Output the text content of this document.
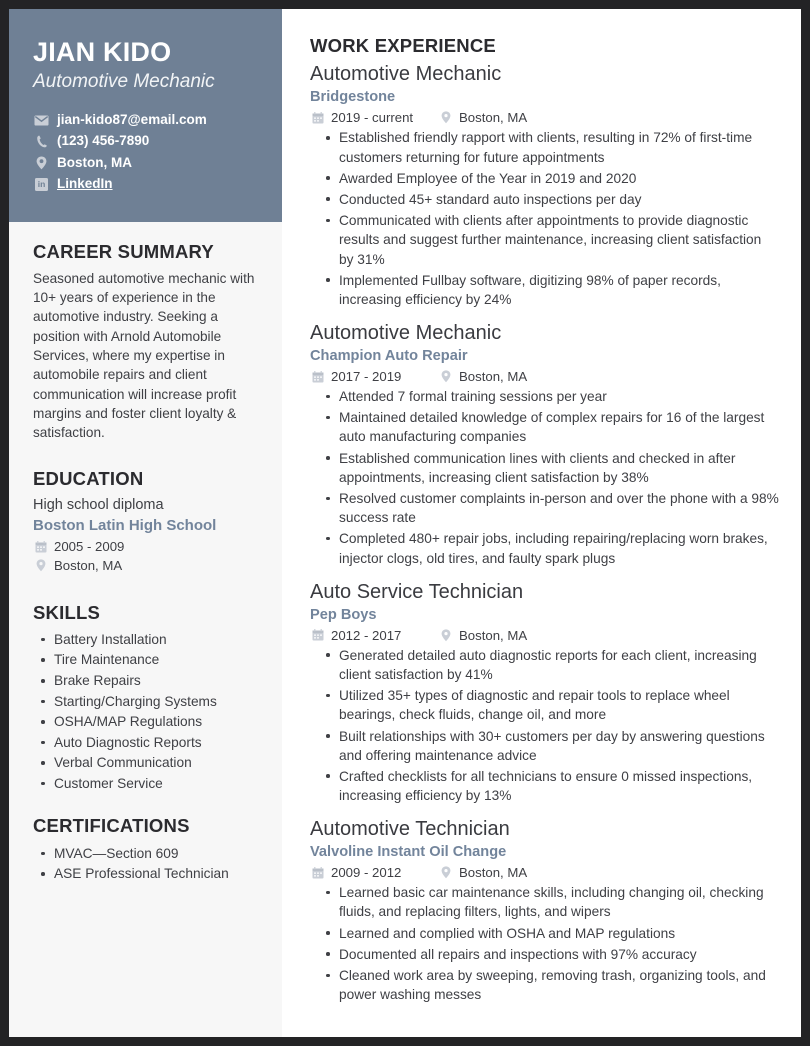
JIAN KIDO
Automotive Mechanic
jian-kido87@email.com
(123) 456-7890
Boston, MA
in LinkedIn
CAREER SUMMARY

Seasoned automotive mechanic with 10+ years of experience in the automotive industry. Seeking a position with Arnold Automobile Services, where my expertise in automobile repairs and client communication will increase profit margins and foster client loyalty & satisfaction.

EDUCATION
High school diploma
Boston Latin High School
2005 - 2009
Boston, MA
SKILLS
Battery Installation
Tire Maintenance
Brake Repairs
Starting/Charging Systems
OSHA/MAP Regulations
Auto Diagnostic Reports
Verbal Communication
Customer Service
CERTIFICATIONS
MVAC—Section 609
ASE Professional Technician
WORK EXPERIENCE
Automotive Mechanic
Bridgestone
2019 - current	Boston, MA
Established friendly rapport with clients, resulting in 72% of first-time customers returning for future appointments
Awarded Employee of the Year in 2019 and 2020
Conducted 45+ standard auto inspections per day
Communicated with clients after appointments to provide diagnostic results and suggest further maintenance, increasing client satisfaction by 31%
Implemented Fullbay software, digitizing 98% of paper records, increasing efficiency by 24%
Automotive Mechanic
Champion Auto Repair
2017 - 2019	Boston, MA
Attended 7 formal training sessions per year
Maintained detailed knowledge of complex repairs for 16 of the largest auto manufacturing companies
Established communication lines with clients and checked in after appointments, increasing client satisfaction by 38%
Resolved customer complaints in-person and over the phone with a 98% success rate
Completed 480+ repair jobs, including repairing/replacing worn brakes, injector clogs, old tires, and faulty spark plugs
Auto Service Technician
Pep Boys
2012 - 2017	Boston, MA
Generated detailed auto diagnostic reports for each client, increasing client satisfaction by 41%
Utilized 35+ types of diagnostic and repair tools to replace wheel bearings, check fluids, change oil, and more
Built relationships with 30+ customers per day by answering questions and offering maintenance advice
Crafted checklists for all technicians to ensure 0 missed inspections, increasing efficiency by 13%
Automotive Technician
Valvoline Instant Oil Change
2009 - 2012	Boston, MA
Learned basic car maintenance skills, including changing oil, checking fluids, and replacing filters, lights, and wipers
Learned and complied with OSHA and MAP regulations
Documented all repairs and inspections with 97% accuracy
Cleaned work area by sweeping, removing trash, organizing tools, and power washing messes
